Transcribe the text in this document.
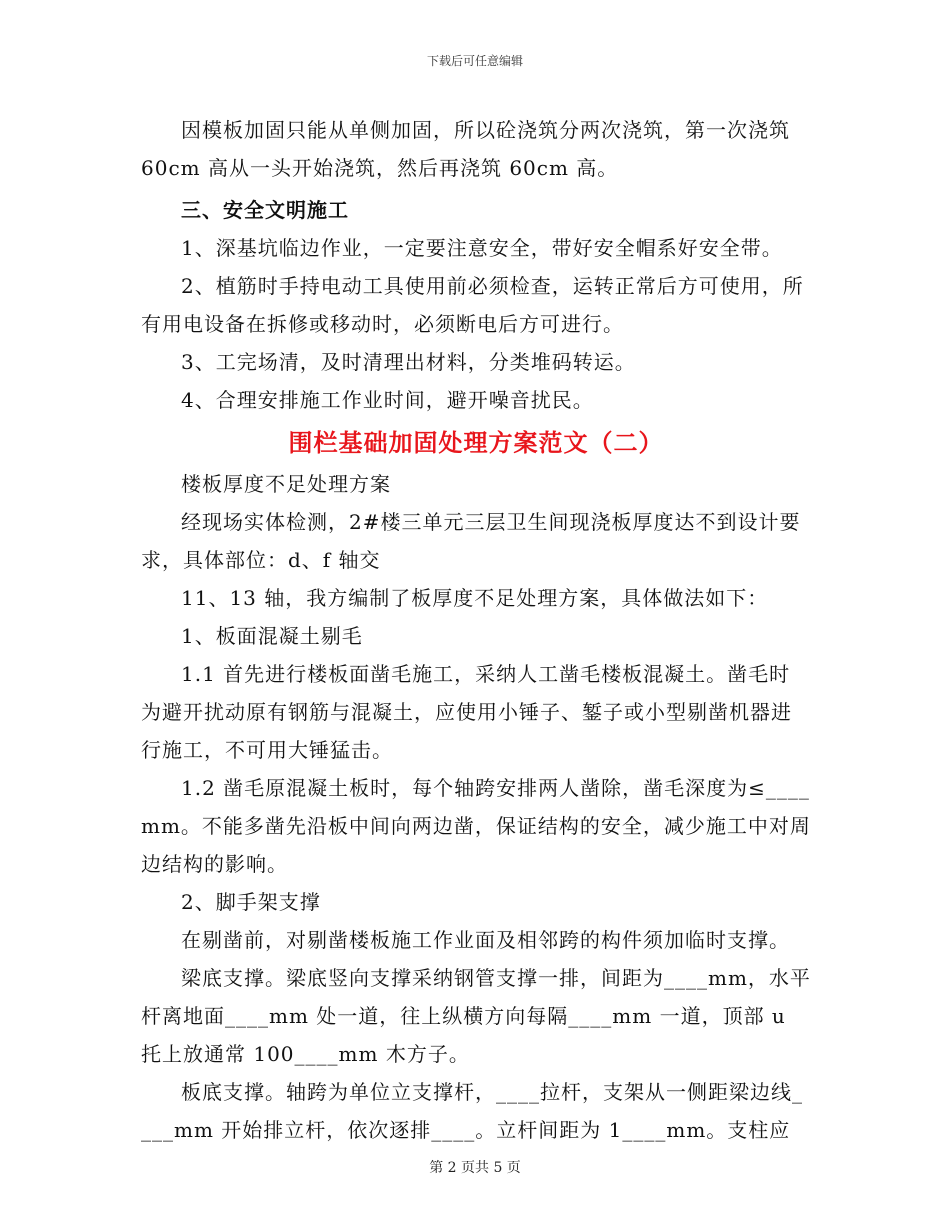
下载后可任意编辑

因模板加固只能从单侧加固，所以砼浇筑分两次浇筑，第一次浇筑 60cm 高从一头开始浇筑，然后再浇筑 60cm 高。

三、安全文明施工

1、深基坑临边作业，一定要注意安全，带好安全帽系好安全带。

2、植筋时手持电动工具使用前必须检查，运转正常后方可使用，所有用电设备在拆修或移动时，必须断电后方可进行。

3、工完场清，及时清理出材料，分类堆码转运。

4、合理安排施工作业时间，避开噪音扰民。

围栏基础加固处理方案范文（二）

楼板厚度不足处理方案

经现场实体检测，2#楼三单元三层卫生间现浇板厚度达不到设计要求，具体部位：d、f 轴交

11、13 轴，我方编制了板厚度不足处理方案，具体做法如下：

1、板面混凝土剔毛

1.1 首先进行楼板面凿毛施工，采纳人工凿毛楼板混凝土。凿毛时为避开扰动原有钢筋与混凝土，应使用小锤子、錾子或小型剔凿机器进行施工，不可用大锤猛击。

1.2 凿毛原混凝土板时，每个轴跨安排两人凿除，凿毛深度为≤____mm。不能多凿先沿板中间向两边凿，保证结构的安全，减少施工中对周边结构的影响。

2、脚手架支撑

在剔凿前，对剔凿楼板施工作业面及相邻跨的构件须加临时支撑。

梁底支撑。梁底竖向支撑采纳钢管支撑一排，间距为____mm，水平杆离地面____mm 处一道，往上纵横方向每隔____mm 一道，顶部 u 托上放通常 100____mm 木方子。

板底支撑。轴跨为单位立支撑杆，____拉杆，支架从一侧距梁边线____mm 开始排立杆，依次逐排____。立杆间距为 1____mm。支柱应

第 2 页共 5 页
